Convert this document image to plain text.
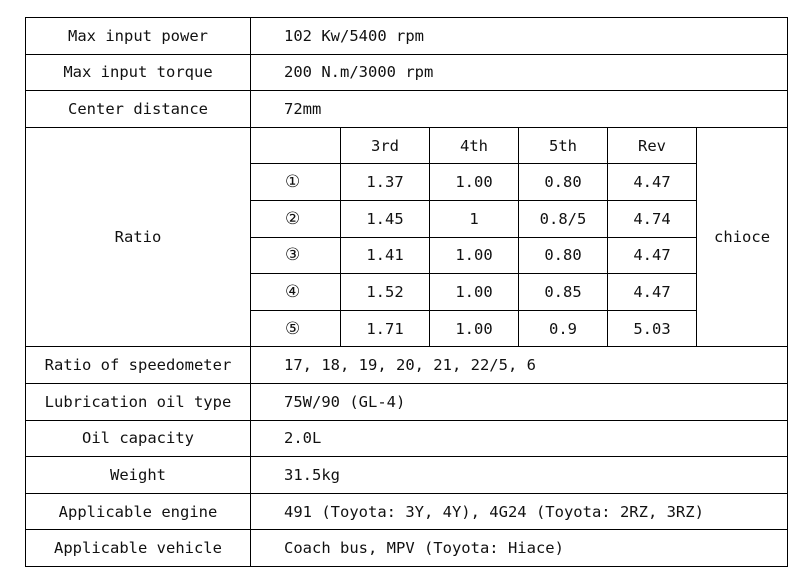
Max input power	102 Kw/5400 rpm					
Max input torque	200 N.m/3000 rpm					
Center distance	72mm					
Ratio		3rd	4th	5th	Rev	chioce
	①	1.37	1.00	0.80	4.47	
	②	1.45	1	0.8/5	4.74	
	③	1.41	1.00	0.80	4.47	
	④	1.52	1.00	0.85	4.47	
	⑤	1.71	1.00	0.9	5.03	
Ratio of speedometer	17, 18, 19, 20, 21, 22/5, 6					
Lubrication oil type	75W/90 (GL-4)					
Oil capacity	2.0L					
Weight	31.5kg					
Applicable engine	491 (Toyota: 3Y, 4Y), 4G24 (Toyota: 2RZ, 3RZ)					
Applicable vehicle	Coach bus, MPV (Toyota: Hiace)					
